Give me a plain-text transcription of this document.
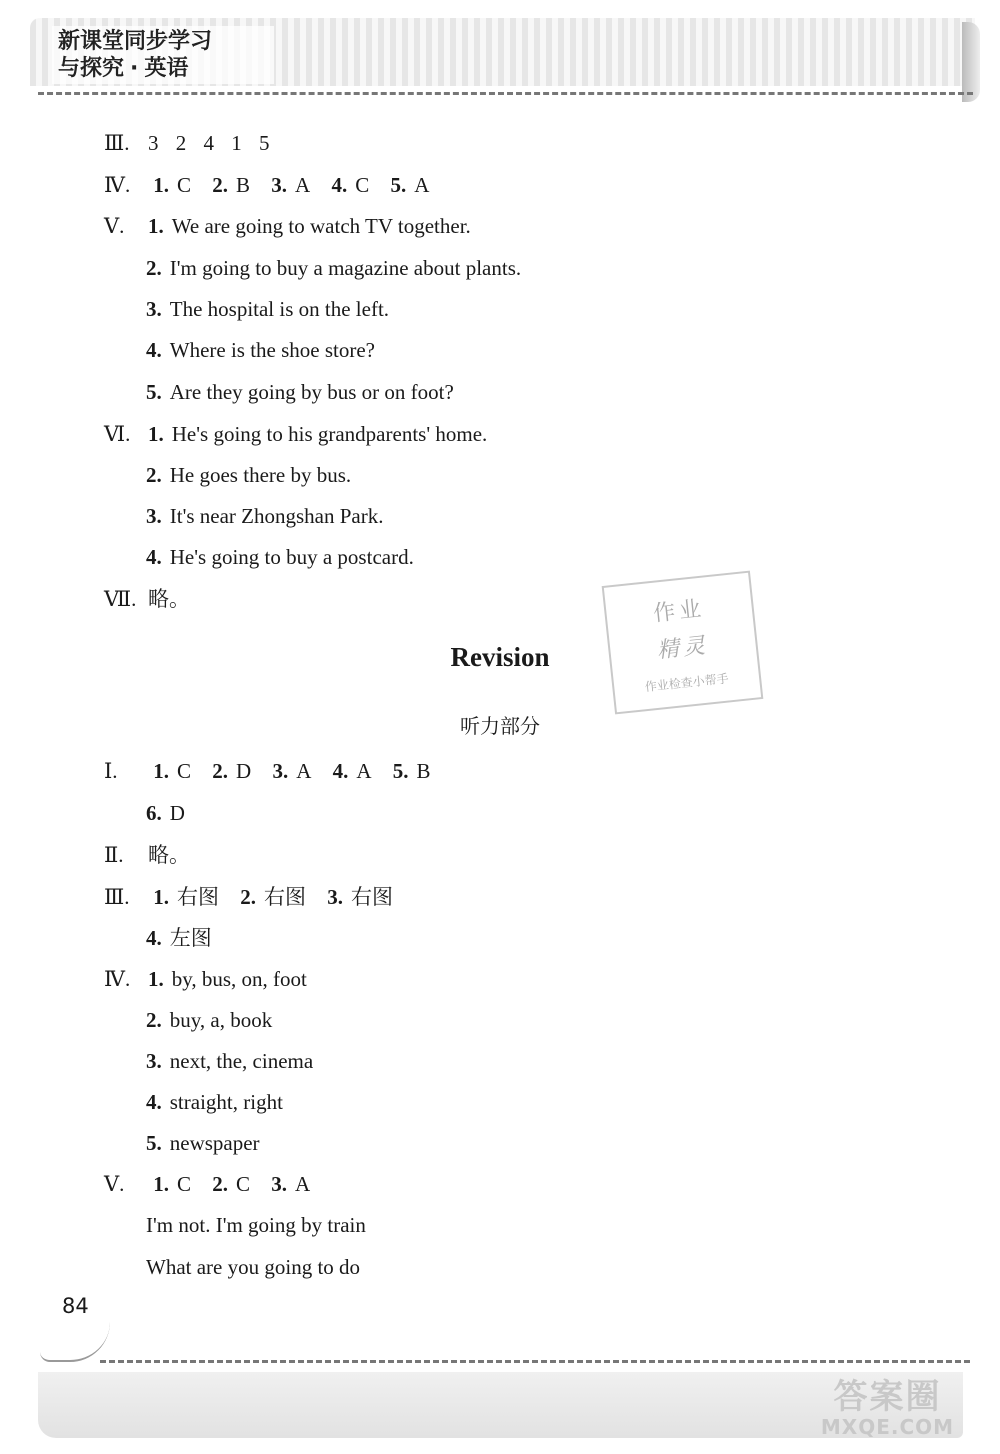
新课堂同步学习
与探究 · 英语
Ⅲ. 3 2 4 1 5
Ⅳ. 1. C 2. B 3. A 4. C 5. A
Ⅴ. 1. We are going to watch TV together.
2. I'm going to buy a magazine about plants.
3. The hospital is on the left.
4. Where is the shoe store?
5. Are they going by bus or on foot?
Ⅵ. 1. He's going to his grandparents' home.
2. He goes there by bus.
3. It's near Zhongshan Park.
4. He's going to buy a postcard.
Ⅶ. 略。
Revision
听力部分
作业
精灵
作业检查小帮手
Ⅰ. 1. C 2. D 3. A 4. A 5. B
6. D
Ⅱ. 略。
Ⅲ. 1. 右图 2. 右图 3. 右图
4. 左图
Ⅳ. 1. by, bus, on, foot
2. buy, a, book
3. next, the, cinema
4. straight, right
5. newspaper
Ⅴ. 1. C 2. C 3. A
I'm not. I'm going by train
What are you going to do
84
答案圈
MXQE.COM
